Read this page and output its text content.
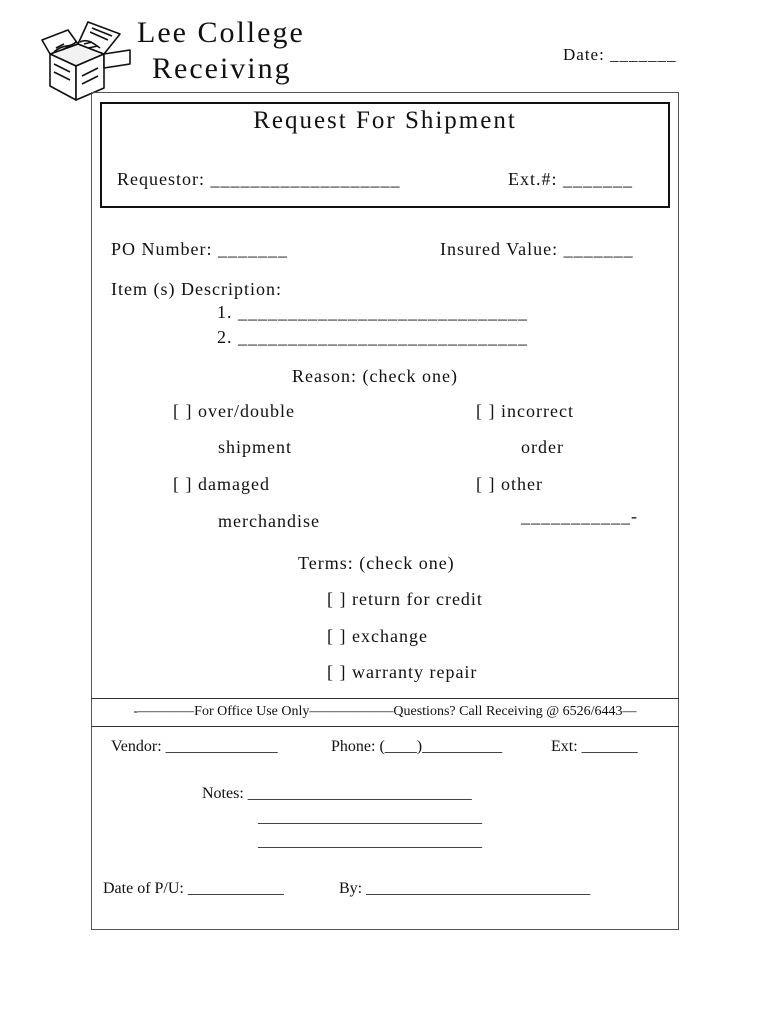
Lee College
Receiving	Date: _______
Request For Shipment
Requestor: ___________________	Ext.#: _______
PO Number: _______	Insured Value: _______
Item (s) Description:
1. _____________________________
2. _____________________________
Reason: (check one)
[ ] over/double
shipment
[ ] incorrect
order
[ ] damaged
merchandise
[ ] other
___________-
Terms: (check one)
[ ] return for credit
[ ] exchange
[ ] warranty repair
-————For Office Use Only——————Questions? Call Receiving @ 6526/6443—
Vendor: ______________	Phone: (____)__________	Ext: _______
Notes: ____________________________
____________________________
____________________________
Date of P/U: ____________	By: ____________________________
